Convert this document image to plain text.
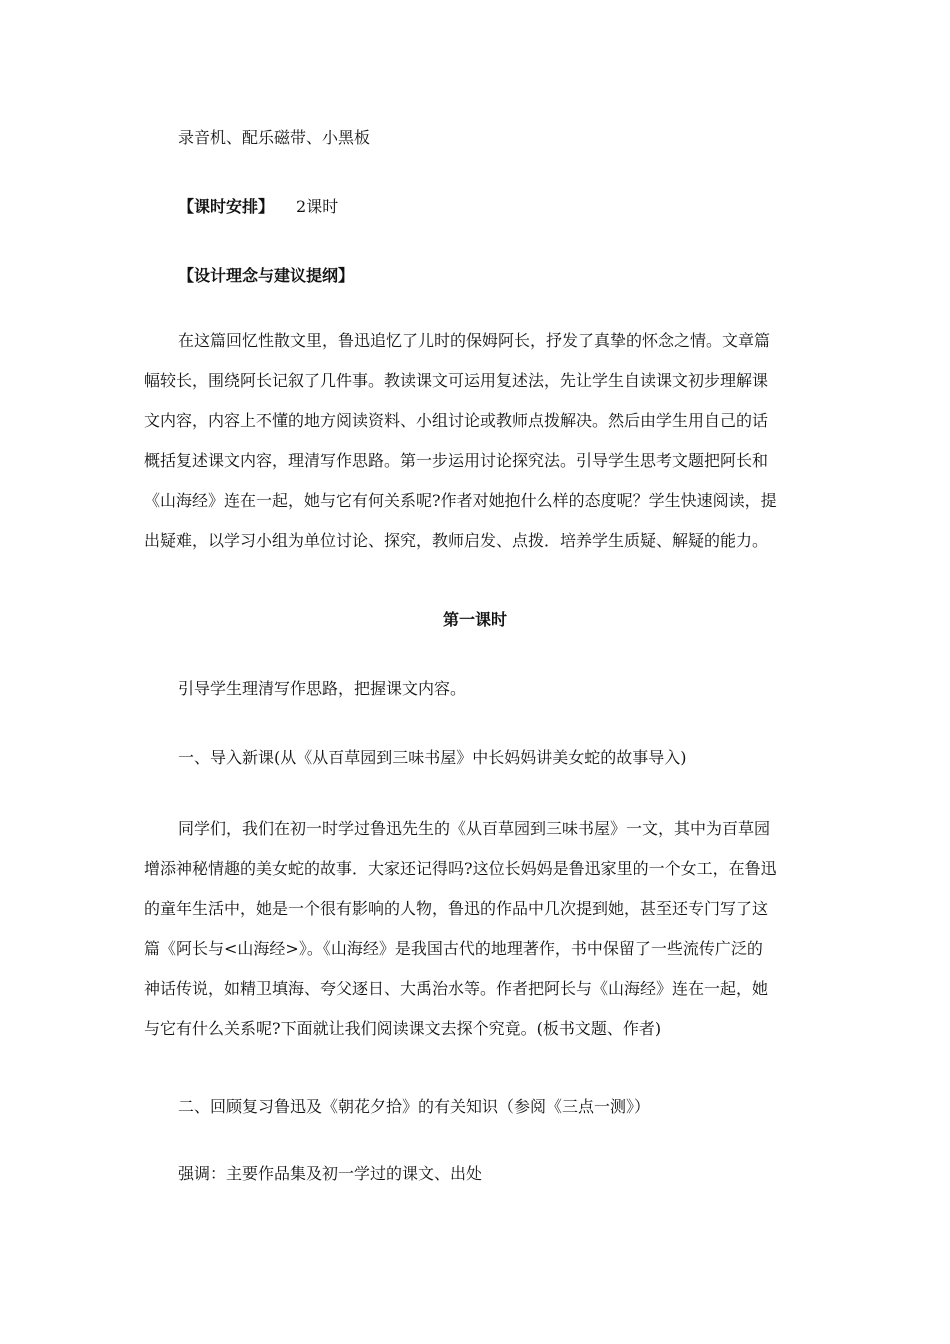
录音机、配乐磁带、小黑板
【课时安排】 2课时
【设计理念与建议提纲】
在这篇回忆性散文里，鲁迅追忆了儿时的保姆阿长，抒发了真挚的怀念之情。文章篇
幅较长，围绕阿长记叙了几件事。教读课文可运用复述法，先让学生自读课文初步理解课
文内容，内容上不懂的地方阅读资料、小组讨论或教师点拨解决。然后由学生用自己的话
概括复述课文内容，理清写作思路。第一步运用讨论探究法。引导学生思考文题把阿长和
《山海经》连在一起，她与它有何关系呢?作者对她抱什么样的态度呢？学生快速阅读，提
出疑难，以学习小组为单位讨论、探究，教师启发、点拨．培养学生质疑、解疑的能力。
第一课时
引导学生理清写作思路，把握课文内容。
一、导入新课(从《从百草园到三味书屋》中长妈妈讲美女蛇的故事导入)
同学们，我们在初一时学过鲁迅先生的《从百草园到三味书屋》一文，其中为百草园
增添神秘情趣的美女蛇的故事．大家还记得吗?这位长妈妈是鲁迅家里的一个女工，在鲁迅
的童年生活中，她是一个很有影响的人物，鲁迅的作品中几次提到她，甚至还专门写了这
篇《阿长与<山海经>》。《山海经》是我国古代的地理著作，书中保留了一些流传广泛的
神话传说，如精卫填海、夸父逐日、大禹治水等。作者把阿长与《山海经》连在一起，她
与它有什么关系呢?下面就让我们阅读课文去探个究竟。(板书文题、作者)
二、回顾复习鲁迅及《朝花夕拾》的有关知识（参阅《三点一测》）
强调：主要作品集及初一学过的课文、出处
